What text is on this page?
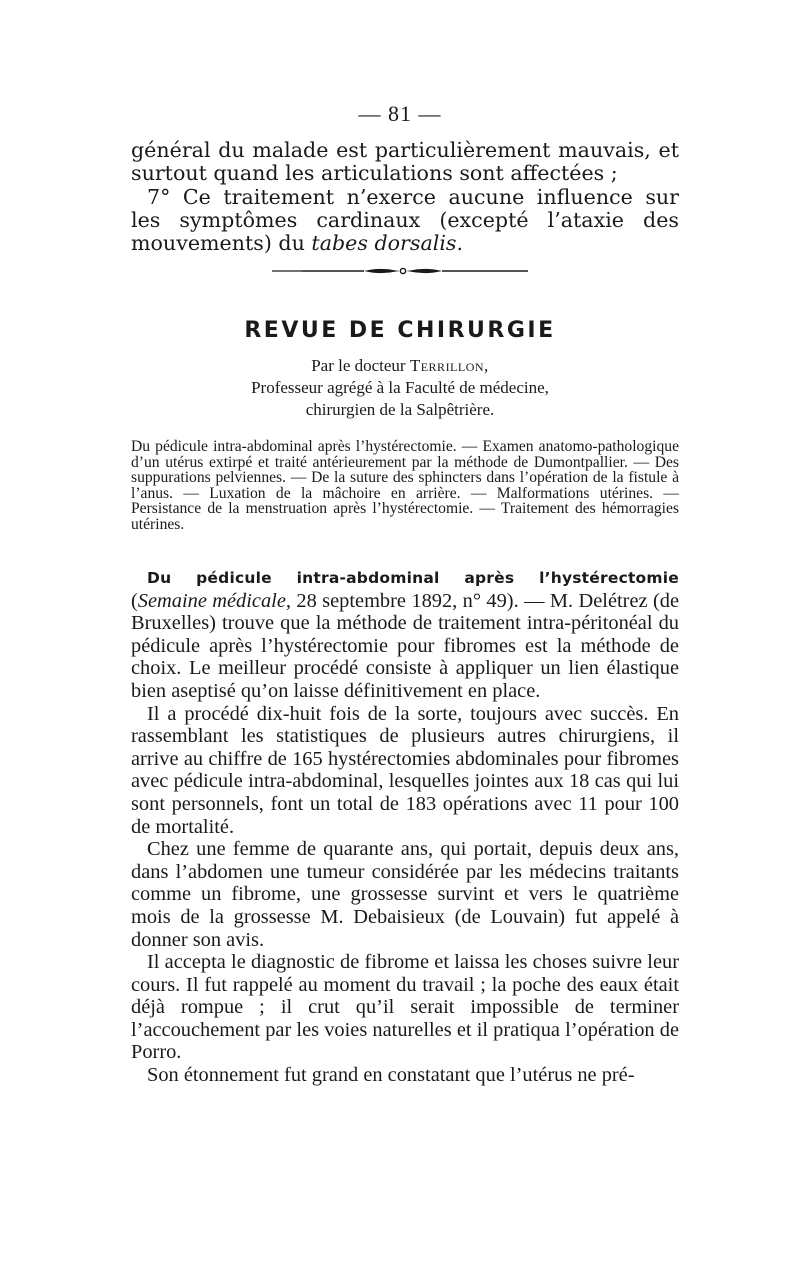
— 81 —

général du malade est particulièrement mauvais, et surtout quand les articulations sont affectées ;

7° Ce traitement n’exerce aucune influence sur les symptômes cardinaux (excepté l’ataxie des mouvements) du tabes dorsalis.

REVUE DE CHIRURGIE
Par le docteur Terrillon,
Professeur agrégé à la Faculté de médecine,
chirurgien de la Salpêtrière.

Du pédicule intra-abdominal après l’hystérectomie. — Examen anatomo-pathologique d’un utérus extirpé et traité antérieurement par la méthode de Dumontpallier. — Des suppurations pelviennes. — De la suture des sphincters dans l’opération de la fistule à l’anus. — Luxation de la mâchoire en arrière. — Malformations utérines. — Persistance de la menstruation après l’hystérectomie. — Traitement des hémorragies utérines.

Du pédicule intra-abdominal après l’hystérectomie (Semaine médicale, 28 septembre 1892, n° 49). — M. Delétrez (de Bruxelles) trouve que la méthode de traitement intra-péritonéal du pédicule après l’hystérectomie pour fibromes est la méthode de choix. Le meilleur procédé consiste à appliquer un lien élastique bien aseptisé qu’on laisse définitivement en place.

Il a procédé dix-huit fois de la sorte, toujours avec succès. En rassemblant les statistiques de plusieurs autres chirurgiens, il arrive au chiffre de 165 hystérectomies abdominales pour fibromes avec pédicule intra-abdominal, lesquelles jointes aux 18 cas qui lui sont personnels, font un total de 183 opérations avec 11 pour 100 de mortalité.

Chez une femme de quarante ans, qui portait, depuis deux ans, dans l’abdomen une tumeur considérée par les médecins traitants comme un fibrome, une grossesse survint et vers le quatrième mois de la grossesse M. Debaisieux (de Louvain) fut appelé à donner son avis.

Il accepta le diagnostic de fibrome et laissa les choses suivre leur cours. Il fut rappelé au moment du travail ; la poche des eaux était déjà rompue ; il crut qu’il serait impossible de terminer l’accouchement par les voies naturelles et il pratiqua l’opération de Porro.

Son étonnement fut grand en constatant que l’utérus ne pré-
